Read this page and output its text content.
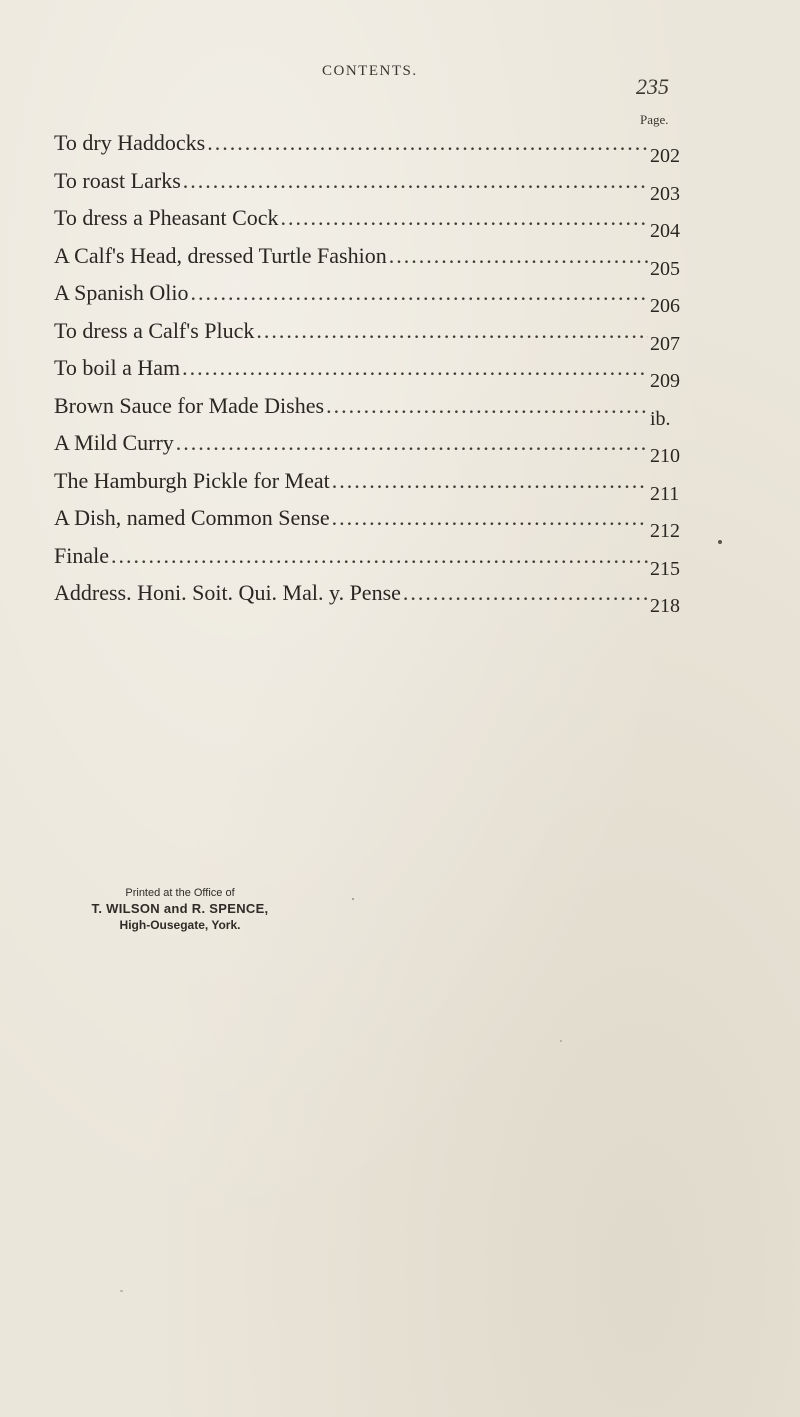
CONTENTS.
235
Page.
To dry Haddocks
.....
202
To roast Larks
.....
203
To dress a Pheasant Cock
.....
204
A Calf's Head, dressed Turtle Fashion
.....
205
A Spanish Olio
.....
206
To dress a Calf's Pluck
.....
207
To boil a Ham
.....
209
Brown Sauce for Made Dishes
.....
ib.
A Mild Curry
.....
210
The Hamburgh Pickle for Meat
.....
211
A Dish, named Common Sense
.....
212
Finale
.....
215
Address. Honi. Soit. Qui. Mal. y. Pense
.....
218
Printed at the Office of
T. WILSON and R. SPENCE,
High-Ousegate, York.
